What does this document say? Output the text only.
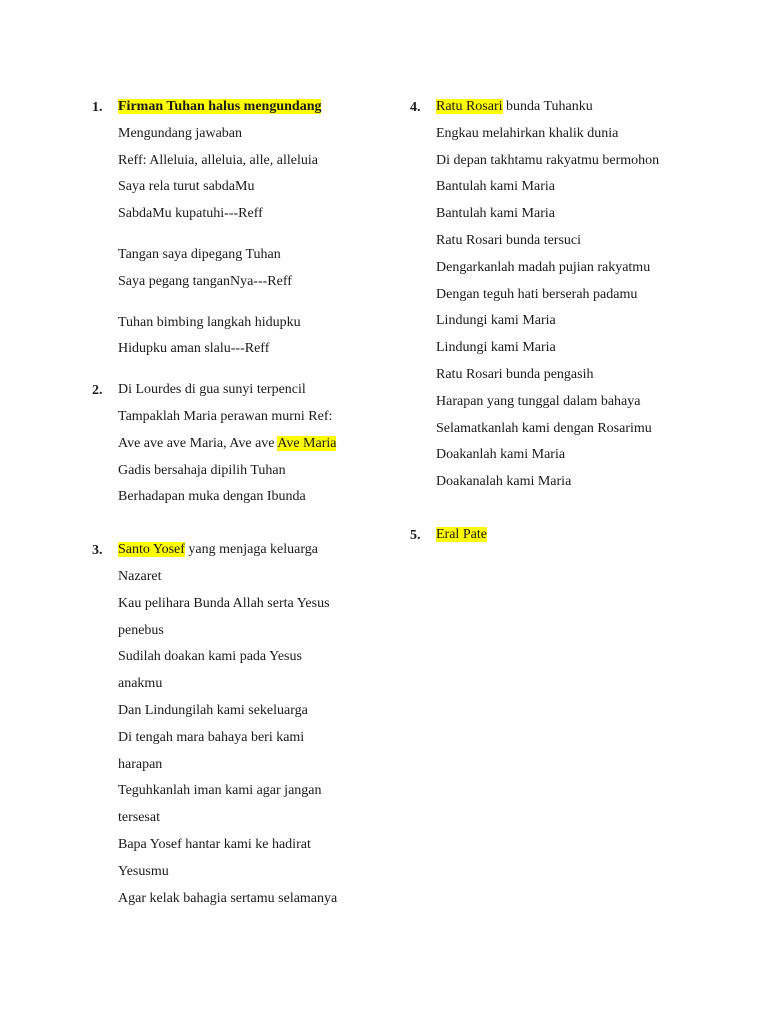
1. Firman Tuhan halus mengundang
Mengundang jawaban
Reff: Alleluia, alleluia, alle, alleluia
Saya rela turut sabdaMu
SabdaMu kupatuhi---Reff
Tangan saya dipegang Tuhan
Saya pegang tanganNya---Reff
Tuhan bimbing langkah hidupku
Hidupku aman slalu---Reff
2. Di Lourdes di gua sunyi terpencil
Tampaklah Maria perawan murni Ref:
Ave ave ave Maria, Ave ave Ave Maria
Gadis bersahaja dipilih Tuhan
Berhadapan muka dengan Ibunda
3. Santo Yosef yang menjaga keluarga
Nazaret
Kau pelihara Bunda Allah serta Yesus
penebus
Sudilah doakan kami pada Yesus
anakmu
Dan Lindungilah kami sekeluarga
Di tengah mara bahaya beri kami
harapan
Teguhkanlah iman kami agar jangan
tersesat
Bapa Yosef hantar kami ke hadirat
Yesusmu
Agar kelak bahagia sertamu selamanya
4. Ratu Rosari bunda Tuhanku
Engkau melahirkan khalik dunia
Di depan takhtamu rakyatmu bermohon
Bantulah kami Maria
Bantulah kami Maria
Ratu Rosari bunda tersuci
Dengarkanlah madah pujian rakyatmu
Dengan teguh hati berserah padamu
Lindungi kami Maria
Lindungi kami Maria
Ratu Rosari bunda pengasih
Harapan yang tunggal dalam bahaya
Selamatkanlah kami dengan Rosarimu
Doakanlah kami Maria
Doakanalah kami Maria
5. Eral Pate
